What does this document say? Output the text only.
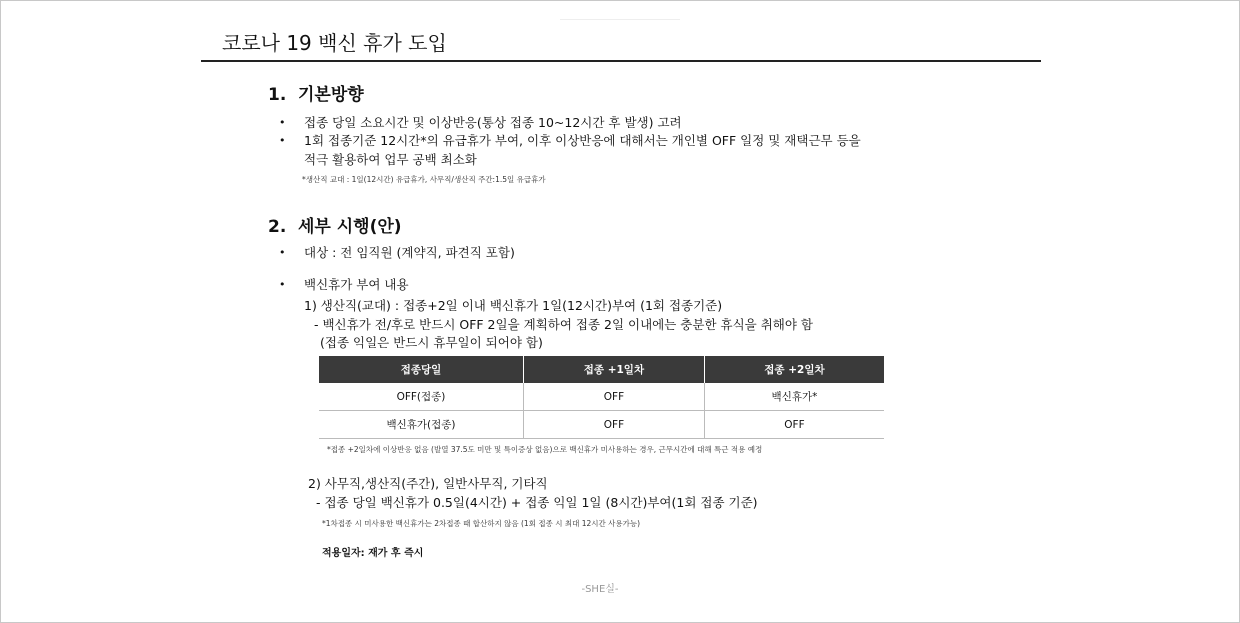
코로나 19 백신 휴가 도입
1. 기본방향
• 접종 당일 소요시간 및 이상반응(통상 접종 10~12시간 후 발생) 고려
• 1회 접종기준 12시간*의 유급휴가 부여, 이후 이상반응에 대해서는 개인별 OFF 일정 및 재택근무 등을
적극 활용하여 업무 공백 최소화
*생산직 교대 : 1일(12시간) 유급휴가, 사무직/생산직 주간:1.5일 유급휴가
2. 세부 시행(안)
• 대상 : 전 임직원 (계약직, 파견직 포함)
• 백신휴가 부여 내용
1) 생산직(교대) : 접종+2일 이내 백신휴가 1일(12시간)부여 (1회 접종기준)
- 백신휴가 전/후로 반드시 OFF 2일을 계획하여 접종 2일 이내에는 충분한 휴식을 취해야 함
(접종 익일은 반드시 휴무일이 되어야 함)
접종당일	접종 +1일차	접종 +2일차
OFF(접종)	OFF	백신휴가*
백신휴가(접종)	OFF	OFF
*접종 +2일차에 이상반응 없음 (발열 37.5도 미만 및 특이증상 없음)으로 백신휴가 미사용하는 경우, 근무시간에 대해 특근 적용 예정
2) 사무직,생산직(주간), 일반사무직, 기타직
- 접종 당일 백신휴가 0.5일(4시간) + 접종 익일 1일 (8시간)부여(1회 접종 기준)
*1차접종 시 미사용한 백신휴가는 2차접종 때 합산하지 않음 (1회 접종 시 최대 12시간 사용가능)
적용일자: 재가 후 즉시
-SHE실-
